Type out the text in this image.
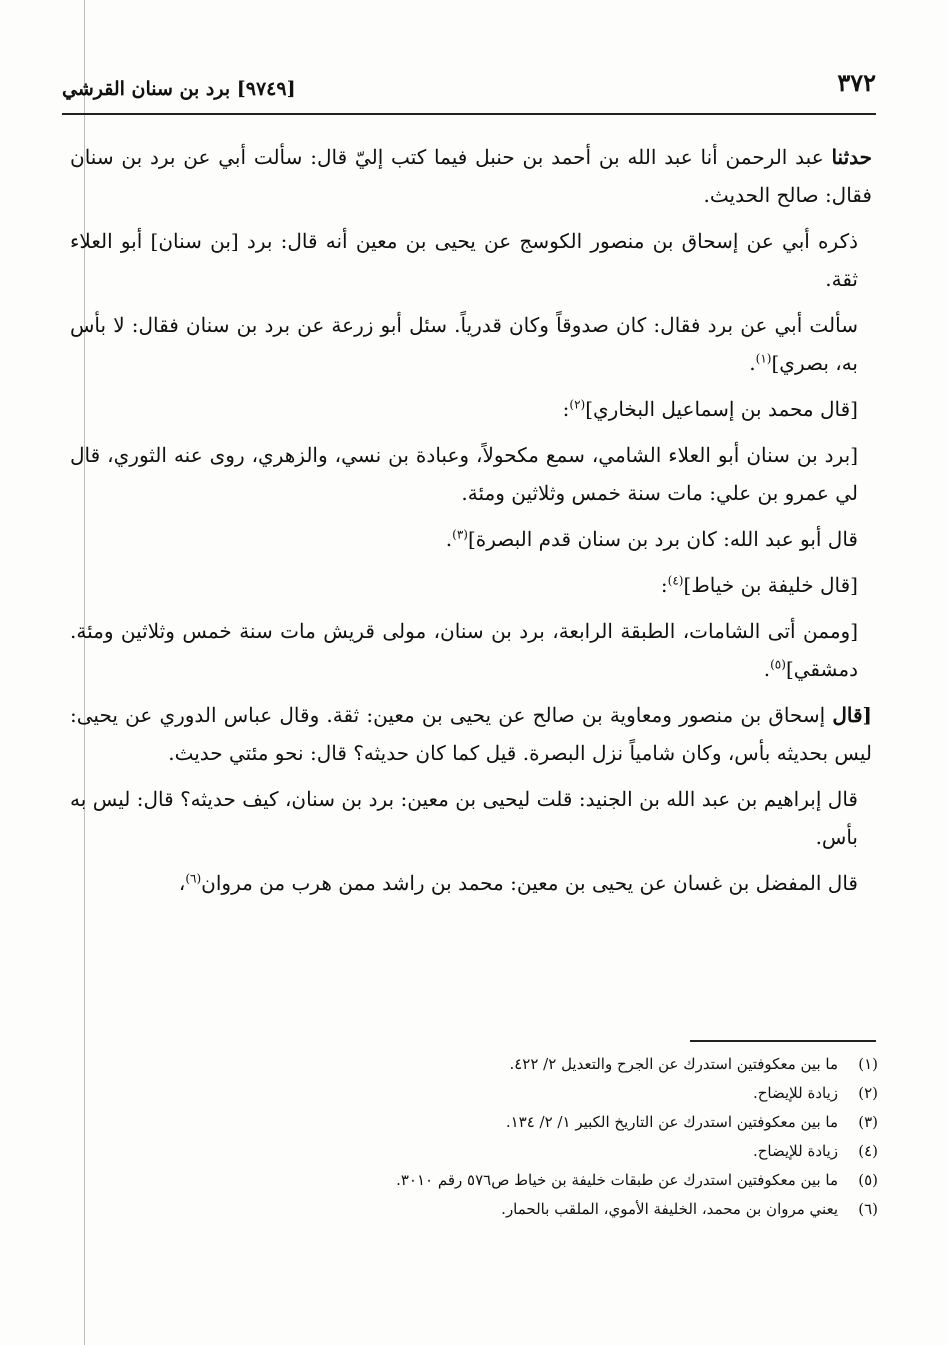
٣٧٢
[٩٧٤٩] برد بن سنان القرشي

حدثنا عبد الرحمن أنا عبد الله بن أحمد بن حنبل فيما كتب إليّ قال: سألت أبي عن برد بن سنان فقال: صالح الحديث.

ذكره أبي عن إسحاق بن منصور الكوسج عن يحيى بن معين أنه قال: برد [بن سنان] أبو العلاء ثقة.

سألت أبي عن برد فقال: كان صدوقاً وكان قدرياً. سئل أبو زرعة عن برد بن سنان فقال: لا بأس به، بصري]$^{(١)}$.

[قال محمد بن إسماعيل البخاري]$^{(٢)}$:

[برد بن سنان أبو العلاء الشامي، سمع مكحولاً، وعبادة بن نسي، والزهري، روى عنه الثوري، قال لي عمرو بن علي: مات سنة خمس وثلاثين ومئة.

قال أبو عبد الله: كان برد بن سنان قدم البصرة]$^{(٣)}$.

[قال خليفة بن خياط]$^{(٤)}$:

[وممن أتى الشامات، الطبقة الرابعة، برد بن سنان، مولى قريش مات سنة خمس وثلاثين ومئة. دمشقي]$^{(٥)}$.

[قال إسحاق بن منصور ومعاوية بن صالح عن يحيى بن معين: ثقة. وقال عباس الدوري عن يحيى: ليس بحديثه بأس، وكان شامياً نزل البصرة. قيل كما كان حديثه؟ قال: نحو مئتي حديث.

قال إبراهيم بن عبد الله بن الجنيد: قلت ليحيى بن معين: برد بن سنان، كيف حديثه؟ قال: ليس به بأس.

قال المفضل بن غسان عن يحيى بن معين: محمد بن راشد ممن هرب من مروان$^{(٦)}$،

(١)
ما بين معكوفتين استدرك عن الجرح والتعديل ٢/ ٤٢٢.
(٢)
زيادة للإيضاح.
(٣)
ما بين معكوفتين استدرك عن التاريخ الكبير ١/ ٢/ ١٣٤.
(٤)
زيادة للإيضاح.
(٥)
ما بين معكوفتين استدرك عن طبقات خليفة بن خياط ص٥٧٦ رقم ٣٠١٠.
(٦)
يعني مروان بن محمد، الخليفة الأموي، الملقب بالحمار.
